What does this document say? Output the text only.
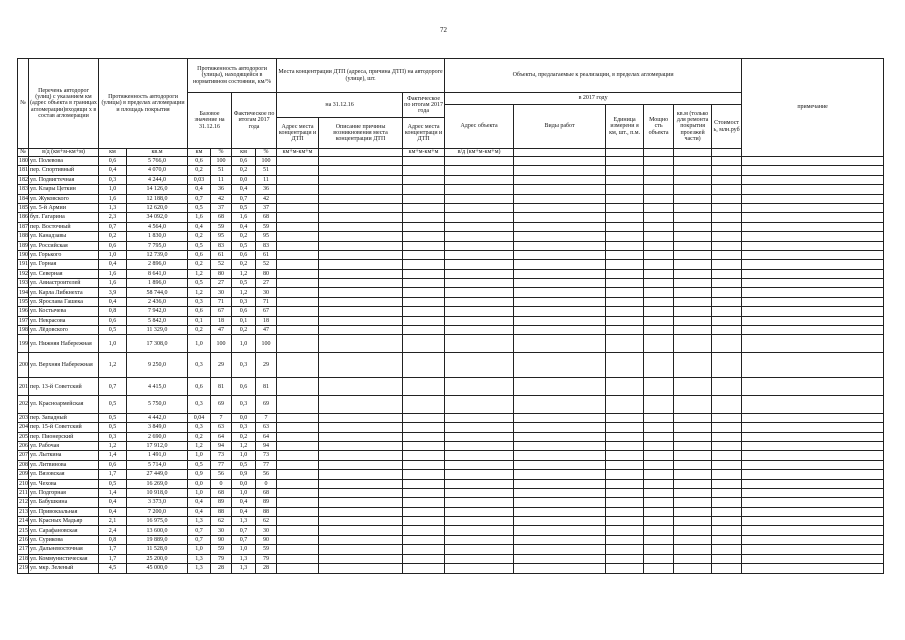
72
№	Перечень автодорог (улиц) с указанием км (адрес объекта в границах агломерации)входящи х в состав агломерации	Протяженность автодороги (улицы) в пределах агломерации и площадь покрытия		Протяженность автодороги (улицы), находящейся в нормативном состоянии, км/%				Места концентрации ДТП (адреса, причина ДТП) на автодороге (улице), шт.			Объекты, предлагаемые к реализации, в пределах агломерации						примечание
				Базовое значение на 31.12.16		Фактическое по итогам 2017 года		на 31.12.16		Фактическое по итогам 2017 года	в 2017 году						
											Адрес объекта	Виды работ	Единица измерени я км, шт., п.м.	Мощно сть объекта	кв.м (только для ремонта покрытия проезжей части)	Стоимост ь, млн.руб	
								Адрес места концентраци и ДТП	Описание причины возникновения места концентрации ДТП	Адрес места концентраци и ДТП							
№	в/д (км+м-км+м)	км	кв.м	км	%	км	%	км+м-км+м		км+м-км+м	в/д (км+м-км+м)						
180	ул. Полевова	0,6	5 766,0	0,6	100	0,6	100										
181	пер. Спортивный	0,4	4 070,0	0,2	51	0,2	51										
182	ул. Подвигтечная	0,3	4 244,0	0,03	11	0,0	11										
183	ул. Клары Цеткин	1,0	14 126,0	0,4	36	0,4	36										
184	ул. Жуковского	1,6	12 188,0	0,7	42	0,7	42										
185	ул. 5-й Армии	1,3	12 620,0	0,5	37	0,5	37										
186	бул. Гагарина	2,3	34 092,0	1,6	68	1,6	68										
187	пер. Восточный	0,7	4 564,0	0,4	59	0,4	59										
188	ул. Канадзавы	0,2	1 830,0	0,2	95	0,2	95										
189	ул. Российская	0,6	7 795,0	0,5	83	0,5	83										
190	ул. Горького	1,0	12 739,0	0,6	61	0,6	61										
191	ул. Горная	0,4	2 896,0	0,2	52	0,2	52										
192	ул. Северная	1,6	8 641,0	1,2	80	1,2	80										
193	ул. Авиастроителей	1,6	1 896,0	0,5	27	0,5	27										
194	ул. Карла Либкнехта	3,9	58 744,0	1,2	30	1,2	30										
195	ул. Ярослава Гашека	0,4	2 436,0	0,3	71	0,3	71										
196	ул. Костычева	0,8	7 942,0	0,6	67	0,6	67										
197	ул. Некрасова	0,6	5 842,0	0,1	18	0,1	18										
198	ул. Лёдовского	0,5	11 329,0	0,2	47	0,2	47										
199	ул. Нижняя Набережная	1,0	17 308,0	1,0	100	1,0	100										
200	ул. Верхняя Набережная	1,2	9 250,0	0,3	29	0,3	29										
201	пер. 13-й Советский	0,7	4 415,0	0,6	81	0,6	81										
202	ул. Красноармейская	0,5	5 750,0	0,3	69	0,3	69										
203	пер. Западный	0,5	4 442,0	0,04	7	0,0	7										
204	пер. 15-й Советский	0,5	3 849,0	0,3	63	0,3	63										
205	пер. Пионерский	0,3	2 690,0	0,2	64	0,2	64										
206	ул. Рабочая	1,2	17 912,0	1,2	94	1,2	94										
207	ул. Лыткина	1,4	1 491,0	1,0	73	1,0	73										
208	ул. Литвинова	0,6	5 714,0	0,5	77	0,5	77										
209	ул. Вязовская	1,7	27 449,0	0,9	56	0,9	56										
210	ул. Чехова	0,5	16 269,0	0,0	0	0,0	0										
211	ул. Подгорная	1,4	10 918,0	1,0	68	1,0	68										
212	ул. Бабушкина	0,4	3 373,0	0,4	89	0,4	89										
213	ул. Привокзальная	0,4	7 200,0	0,4	88	0,4	88										
214	ул. Красных Мадьяр	2,1	16 975,0	1,3	62	1,3	62										
215	ул. Сарафановская	2,4	13 600,0	0,7	30	0,7	30										
216	ул. Сурикова	0,8	19 889,0	0,7	90	0,7	90										
217	ул. Дальневосточная	1,7	11 528,0	1,0	59	1,0	59										
218	ул. Коммунистическая	1,7	25 200,0	1,3	79	1,3	79										
219	ул. мкр. Зеленый	4,5	45 000,0	1,3	28	1,3	28										
